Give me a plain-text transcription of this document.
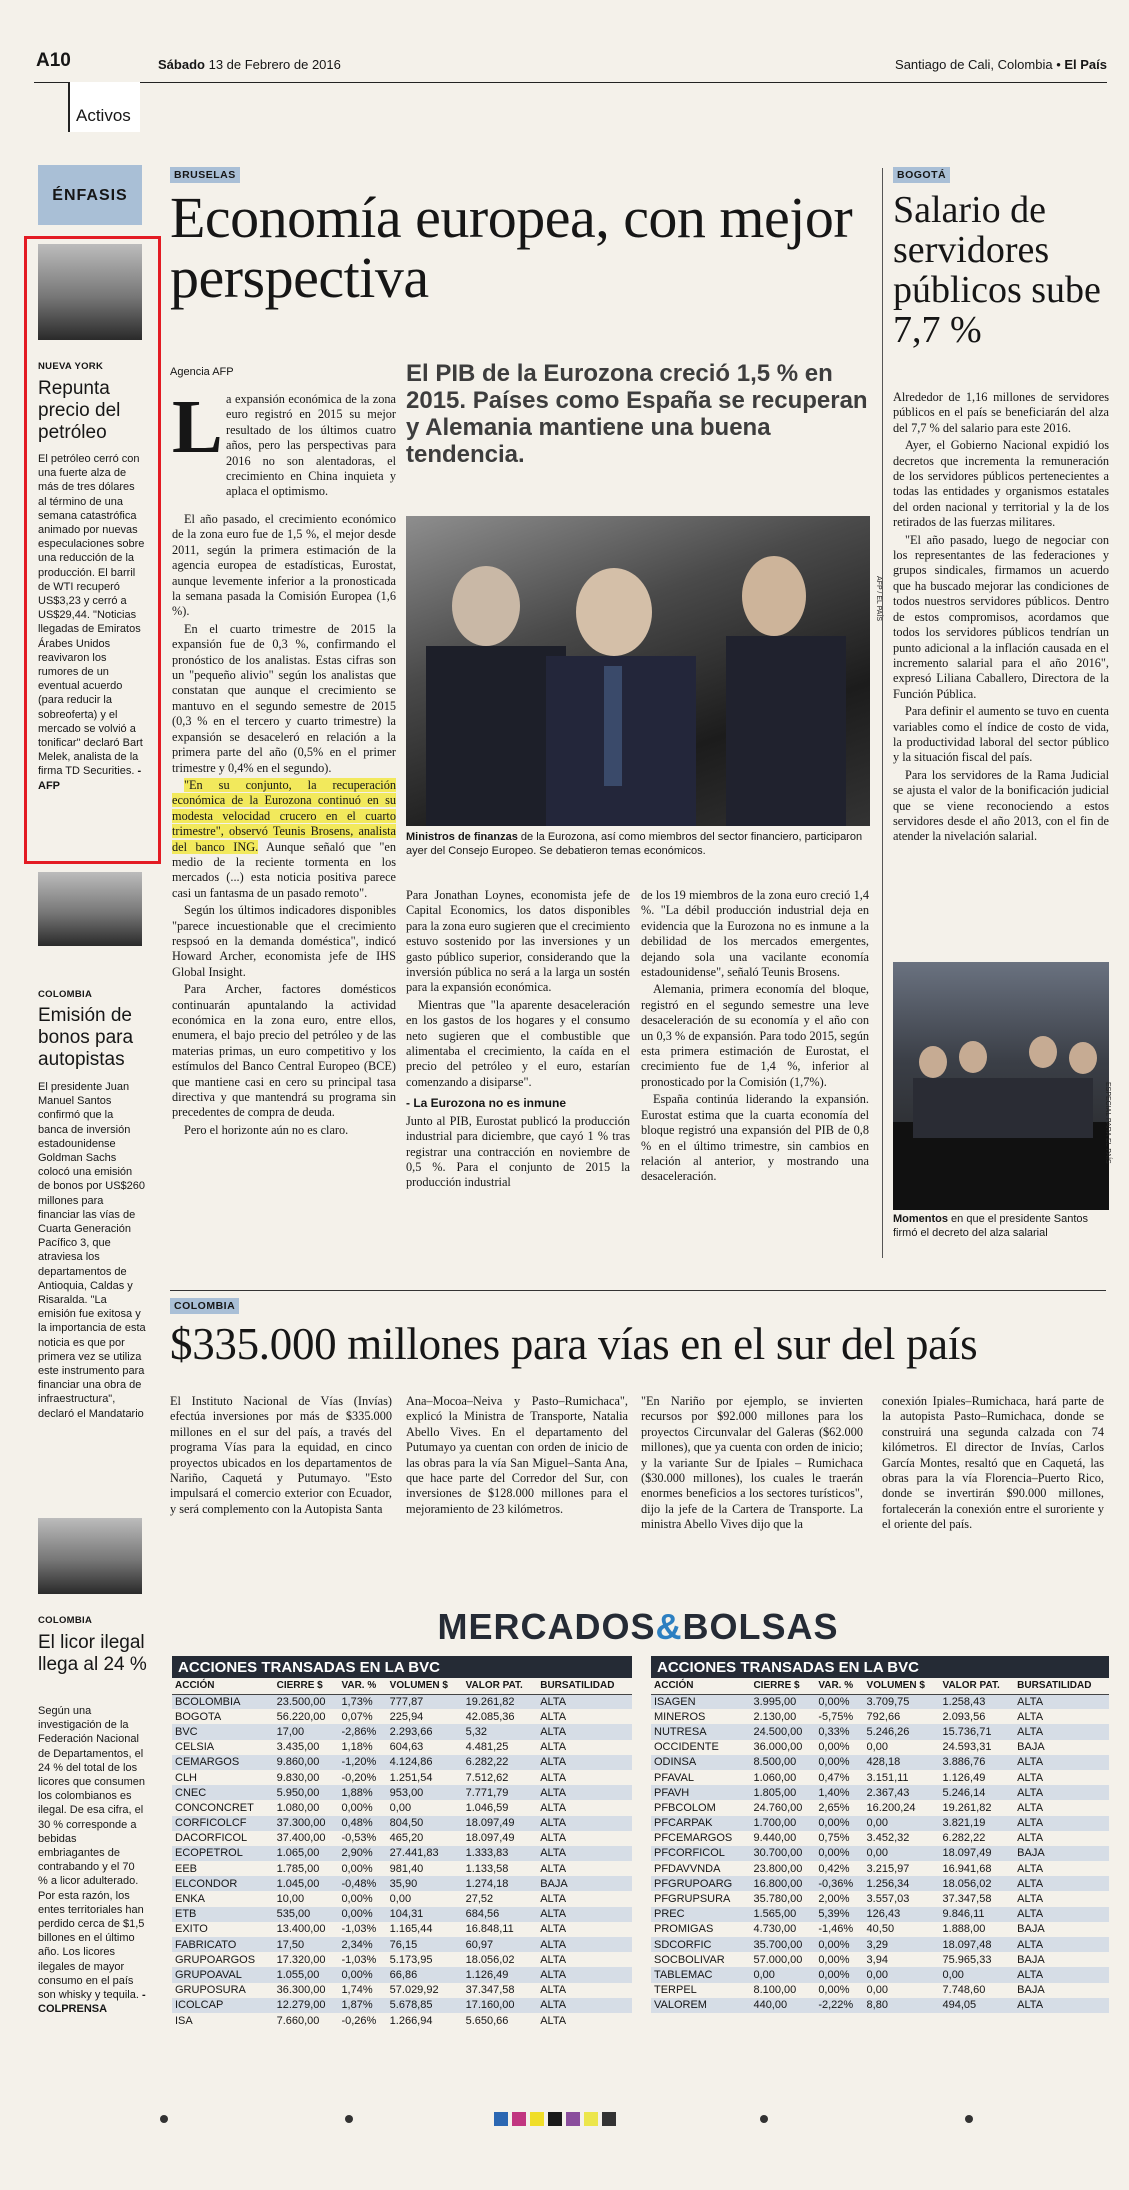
A10
Activos
Sábado 13 de Febrero de 2016	Santiago de Cali, Colombia • El País
ÉNFASIS
NUEVA YORK
Repunta precio del petróleo
El petróleo cerró con una fuerte alza de más de tres dólares al término de una semana catastrófica animado por nuevas especulaciones sobre una reducción de la producción. El barril de WTI recuperó US$3,23 y cerró a US$29,44. "Noticias llegadas de Emiratos Árabes Unidos reavivaron los rumores de un eventual acuerdo (para reducir la sobreoferta) y el mercado se volvió a tonificar" declaró Bart Melek, analista de la firma TD Securities. -AFP
COLOMBIA
Emisión de bonos para autopistas
El presidente Juan Manuel Santos confirmó que la banca de inversión estadounidense Goldman Sachs colocó una emisión de bonos por US$260 millones para financiar las vías de Cuarta Generación Pacífico 3, que atraviesa los departamentos de Antioquia, Caldas y Risaralda. "La emisión fue exitosa y la importancia de esta noticia es que por primera vez se utiliza este instrumento para financiar una obra de infraestructura", declaró el Mandatario
COLOMBIA
El licor ilegal llega al 24 %
Según una investigación de la Federación Nacional de Departamentos, el 24 % del total de los licores que consumen los colombianos es ilegal. De esa cifra, el 30 % corresponde a bebidas embriagantes de contrabando y el 70 % a licor adulterado. Por esta razón, los entes territoriales han perdido cerca de $1,5 billones en el último año. Los licores ilegales de mayor consumo en el país son whisky y tequila. -COLPRENSA
BRUSELAS
Economía europea, con mejor perspectiva
Agencia AFP	El PIB de la Eurozona creció 1,5 % en 2015. Países como España se recuperan y Alemania mantiene una buena tendencia.
L a expansión económica de la zona euro registró en 2015 su mejor resultado de los últimos cuatro años, pero las perspectivas para 2016 no son alentadoras, el crecimiento en China inquieta y aplaca el optimismo.

El año pasado, el crecimiento económico de la zona euro fue de 1,5 %, el mejor desde 2011, según la primera estimación de la agencia europea de estadísticas, Eurostat, aunque levemente inferior a la pronosticada la semana pasada la Comisión Europea (1,6 %).

En el cuarto trimestre de 2015 la expansión fue de 0,3 %, confirmando el pronóstico de los analistas. Estas cifras son un "pequeño alivio" según los analistas que constatan que aunque el crecimiento se mantuvo en el segundo semestre de 2015 (0,3 % en el tercero y cuarto trimestre) la expansión se desaceleró en relación a la primera parte del año (0,5% en el primer trimestre y 0,4% en el segundo).

"En su conjunto, la recuperación económica de la Eurozona continuó en su modesta velocidad crucero en el cuarto trimestre", observó Teunis Brosens, analista del banco ING. Aunque señaló que "en medio de la reciente tormenta en los mercados (...) esta noticia positiva parece casi un fantasma de un pasado remoto".

Según los últimos indicadores disponibles "parece incuestionable que el crecimiento respsoó en la demanda doméstica", indicó Howard Archer, economista jefe de IHS Global Insight.

Para Archer, factores domésticos continuarán apuntalando la actividad económica en la zona euro, entre ellos, enumera, el bajo precio del petróleo y de las materias primas, un euro competitivo y los estímulos del Banco Central Europeo (BCE) que mantiene casi en cero su principal tasa directiva y que mantendrá su programa sin precedentes de compra de deuda.

Pero el horizonte aún no es claro.

AFP / EL PAÍS
Ministros de finanzas de la Eurozona, así como miembros del sector financiero, participaron ayer del Consejo Europeo. Se debatieron temas económicos.

Para Jonathan Loynes, economista jefe de Capital Economics, los datos disponibles para la zona euro sugieren que el crecimiento estuvo sostenido por las inversiones y un gasto público superior, considerando que la inversión pública no será a la larga un sostén para la expansión económica.

Mientras que "la aparente desaceleración en los gastos de los hogares y el consumo neto sugieren que el combustible que alimentaba el crecimiento, la caída en el precio del petróleo y el euro, estarían comenzando a disiparse".

- La Eurozona no es inmune

Junto al PIB, Eurostat publicó la producción industrial para diciembre, que cayó 1 % tras registrar una contracción en noviembre de 0,5 %. Para el conjunto de 2015 la producción industrial

de los 19 miembros de la zona euro creció 1,4 %. "La débil producción industrial deja en evidencia que la Eurozona no es inmune a la debilidad de los mercados emergentes, dejando sola una vacilante economía estadounidense", señaló Teunis Brosens.

Alemania, primera economía del bloque, registró en el segundo semestre una leve desaceleración de su economía y el año con un 0,3 % de expansión. Para todo 2015, según esta primera estimación de Eurostat, el crecimiento fue de 1,4 %, inferior al pronosticado por la Comisión (1,7%).

España continúa liderando la expansión. Eurostat estima que la cuarta economía del bloque registró una expansión del PIB de 0,8 % en el último trimestre, sin cambios en relación al anterior, y mostrando una desaceleración.

BOGOTÁ
Salario de servidores públicos sube 7,7 %

Alrededor de 1,16 millones de servidores públicos en el país se beneficiarán del alza del 7,7 % del salario para este 2016.

Ayer, el Gobierno Nacional expidió los decretos que incrementa la remuneración de los servidores públicos pertenecientes a todas las entidades y organismos estatales del orden nacional y territorial y la de los retirados de las fuerzas militares.

"El año pasado, luego de negociar con los representantes de las federaciones y grupos sindicales, firmamos un acuerdo que ha buscado mejorar las condiciones de todos nuestros servidores públicos. Dentro de estos compromisos, acordamos que todos los servidores públicos tendrían un punto adicional a la inflación causada en el incremento salarial para el año 2016", expresó Liliana Caballero, Directora de la Función Pública.

Para definir el aumento se tuvo en cuenta variables como el índice de costo de vida, la productividad laboral del sector público y la situación fiscal del país.

Para los servidores de la Rama Judicial se ajusta el valor de la bonificación judicial que se viene reconociendo a estos servidores desde el año 2013, con el fin de atender la nivelación salarial.

ESPECIAL PARA EL PAÍS
Momentos en que el presidente Santos firmó el decreto del alza salarial
COLOMBIA
$335.000 millones para vías en el sur del país
El Instituto Nacional de Vías (Invías) efectúa inversiones por más de $335.000 millones en el sur del país, a través del programa Vías para la equidad, en cinco proyectos ubicados en los departamentos de Nariño, Caquetá y Putumayo. "Esto impulsará el comercio exterior con Ecuador, y será complemento con la Autopista Santa
Ana–Mocoa–Neiva y Pasto–Rumichaca", explicó la Ministra de Transporte, Natalia Abello Vives. En el departamento del Putumayo ya cuentan con orden de inicio de las obras para la vía San Miguel–Santa Ana, que hace parte del Corredor del Sur, con inversiones de $128.000 millones para el mejoramiento de 23 kilómetros.
"En Nariño por ejemplo, se invierten recursos por $92.000 millones para los proyectos Circunvalar del Galeras ($62.000 millones), que ya cuenta con orden de inicio; y la variante Sur de Ipiales – Rumichaca ($30.000 millones), los cuales le traerán enormes beneficios a los sectores turísticos", dijo la jefe de la Cartera de Transporte. La ministra Abello Vives dijo que la
conexión Ipiales–Rumichaca, hará parte de la autopista Pasto–Rumichaca, donde se construirá una segunda calzada con 74 kilómetros. El director de Invías, Carlos García Montes, resaltó que en Caquetá, las obras para la vía Florencia–Puerto Rico, donde se invertirán $90.000 millones, fortalecerán la conexión entre el suroriente y el oriente del país.
MERCADOS&BOLSAS
ACCIONES TRANSADAS EN LA BVC
ACCIÓN	CIERRE $	VAR. %	VOLUMEN $	VALOR PAT.	BURSATILIDAD
BCOLOMBIA	23.500,00	1,73%	777,87	19.261,82	ALTA
BOGOTA	56.220,00	0,07%	225,94	42.085,36	ALTA
BVC	17,00	-2,86%	2.293,66	5,32	ALTA
CELSIA	3.435,00	1,18%	604,63	4.481,25	ALTA
CEMARGOS	9.860,00	-1,20%	4.124,86	6.282,22	ALTA
CLH	9.830,00	-0,20%	1.251,54	7.512,62	ALTA
CNEC	5.950,00	1,88%	953,00	7.771,79	ALTA
CONCONCRET	1.080,00	0,00%	0,00	1.046,59	ALTA
CORFICOLCF	37.300,00	0,48%	804,50	18.097,49	ALTA
DACORFICOL	37.400,00	-0,53%	465,20	18.097,49	ALTA
ECOPETROL	1.065,00	2,90%	27.441,83	1.333,83	ALTA
EEB	1.785,00	0,00%	981,40	1.133,58	ALTA
ELCONDOR	1.045,00	-0,48%	35,90	1.274,18	BAJA
ENKA	10,00	0,00%	0,00	27,52	ALTA
ETB	535,00	0,00%	104,31	684,56	ALTA
EXITO	13.400,00	-1,03%	1.165,44	16.848,11	ALTA
FABRICATO	17,50	2,34%	76,15	60,97	ALTA
GRUPOARGOS	17.320,00	-1,03%	5.173,95	18.056,02	ALTA
GRUPOAVAL	1.055,00	0,00%	66,86	1.126,49	ALTA
GRUPOSURA	36.300,00	1,74%	57.029,92	37.347,58	ALTA
ICOLCAP	12.279,00	1,87%	5.678,85	17.160,00	ALTA
ISA	7.660,00	-0,26%	1.266,94	5.650,66	ALTA
ACCIONES TRANSADAS EN LA BVC
ACCIÓN	CIERRE $	VAR. %	VOLUMEN $	VALOR PAT.	BURSATILIDAD
ISAGEN	3.995,00	0,00%	3.709,75	1.258,43	ALTA
MINEROS	2.130,00	-5,75%	792,66	2.093,56	ALTA
NUTRESA	24.500,00	0,33%	5.246,26	15.736,71	ALTA
OCCIDENTE	36.000,00	0,00%	0,00	24.593,31	BAJA
ODINSA	8.500,00	0,00%	428,18	3.886,76	ALTA
PFAVAL	1.060,00	0,47%	3.151,11	1.126,49	ALTA
PFAVH	1.805,00	1,40%	2.367,43	5.246,14	ALTA
PFBCOLOM	24.760,00	2,65%	16.200,24	19.261,82	ALTA
PFCARPAK	1.700,00	0,00%	0,00	3.821,19	ALTA
PFCEMARGOS	9.440,00	0,75%	3.452,32	6.282,22	ALTA
PFCORFICOL	30.700,00	0,00%	0,00	18.097,49	BAJA
PFDAVVNDA	23.800,00	0,42%	3.215,97	16.941,68	ALTA
PFGRUPOARG	16.800,00	-0,36%	1.256,34	18.056,02	ALTA
PFGRUPSURA	35.780,00	2,00%	3.557,03	37.347,58	ALTA
PREC	1.565,00	5,39%	126,43	9.846,11	ALTA
PROMIGAS	4.730,00	-1,46%	40,50	1.888,00	BAJA
SDCORFIC	35.700,00	0,00%	3,29	18.097,48	ALTA
SOCBOLIVAR	57.000,00	0,00%	3,94	75.965,33	BAJA
TABLEMAC	0,00	0,00%	0,00	0,00	ALTA
TERPEL	8.100,00	0,00%	0,00	7.748,60	BAJA
VALOREM	440,00	-2,22%	8,80	494,05	ALTA
